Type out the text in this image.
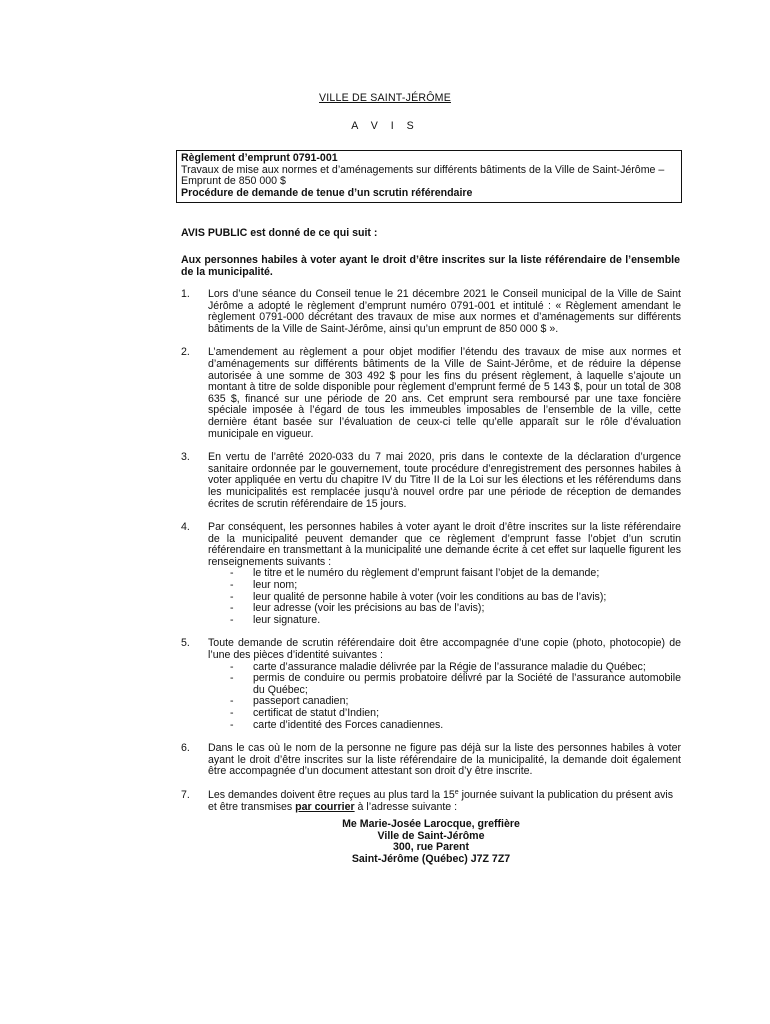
VILLE DE SAINT-JÉRÔME
A V I S
Règlement d’emprunt 0791-001
Travaux de mise aux normes et d’aménagements sur différents bâtiments de la Ville de Saint-Jérôme – Emprunt de 850 000 $
Procédure de demande de tenue d’un scrutin référendaire
AVIS PUBLIC est donné de ce qui suit :
Aux personnes habiles à voter ayant le droit d’être inscrites sur la liste référendaire de l’ensemble de la municipalité.
1. Lors d’une séance du Conseil tenue le 21 décembre 2021 le Conseil municipal de la Ville de Saint Jérôme a adopté le règlement d’emprunt numéro 0791-001 et intitulé : « Règlement amendant le règlement 0791-000 décrétant des travaux de mise aux normes et d’aménagements sur différents bâtiments de la Ville de Saint-Jérôme, ainsi qu’un emprunt de 850 000 $ ».
2. L’amendement au règlement a pour objet modifier l’étendu des travaux de mise aux normes et d’aménagements sur différents bâtiments de la Ville de Saint-Jérôme, et de réduire la dépense autorisée à une somme de 303 492 $ pour les fins du présent règlement, à laquelle s’ajoute un montant à titre de solde disponible pour règlement d’emprunt fermé de 5 143 $, pour un total de 308 635 $, financé sur une période de 20 ans. Cet emprunt sera remboursé par une taxe foncière spéciale imposée à l’égard de tous les immeubles imposables de l’ensemble de la ville, cette dernière étant basée sur l’évaluation de ceux-ci telle qu’elle apparaît sur le rôle d’évaluation municipale en vigueur.
3. En vertu de l’arrêté 2020-033 du 7 mai 2020, pris dans le contexte de la déclaration d’urgence sanitaire ordonnée par le gouvernement, toute procédure d’enregistrement des personnes habiles à voter appliquée en vertu du chapitre IV du Titre II de la Loi sur les élections et les référendums dans les municipalités est remplacée jusqu’à nouvel ordre par une période de réception de demandes écrites de scrutin référendaire de 15 jours.
4. Par conséquent, les personnes habiles à voter ayant le droit d’être inscrites sur la liste référendaire de la municipalité peuvent demander que ce règlement d’emprunt fasse l’objet d’un scrutin référendaire en transmettant à la municipalité une demande écrite à cet effet sur laquelle figurent les renseignements suivants :
- le titre et le numéro du règlement d’emprunt faisant l’objet de la demande;
- leur nom;
- leur qualité de personne habile à voter (voir les conditions au bas de l’avis);
- leur adresse (voir les précisions au bas de l’avis);
- leur signature.
5. Toute demande de scrutin référendaire doit être accompagnée d’une copie (photo, photocopie) de l’une des pièces d’identité suivantes :
- carte d’assurance maladie délivrée par la Régie de l’assurance maladie du Québec;
- permis de conduire ou permis probatoire délivré par la Société de l’assurance automobile du Québec;
- passeport canadien;
- certificat de statut d’Indien;
- carte d’identité des Forces canadiennes.
6. Dans le cas où le nom de la personne ne figure pas déjà sur la liste des personnes habiles à voter ayant le droit d’être inscrites sur la liste référendaire de la municipalité, la demande doit également être accompagnée d’un document attestant son droit d’y être inscrite.
7. Les demandes doivent être reçues au plus tard la 15e journée suivant la publication du présent avis et être transmises par courrier à l’adresse suivante :
Me Marie-Josée Larocque, greffière
Ville de Saint-Jérôme
300, rue Parent
Saint-Jérôme (Québec) J7Z 7Z7
